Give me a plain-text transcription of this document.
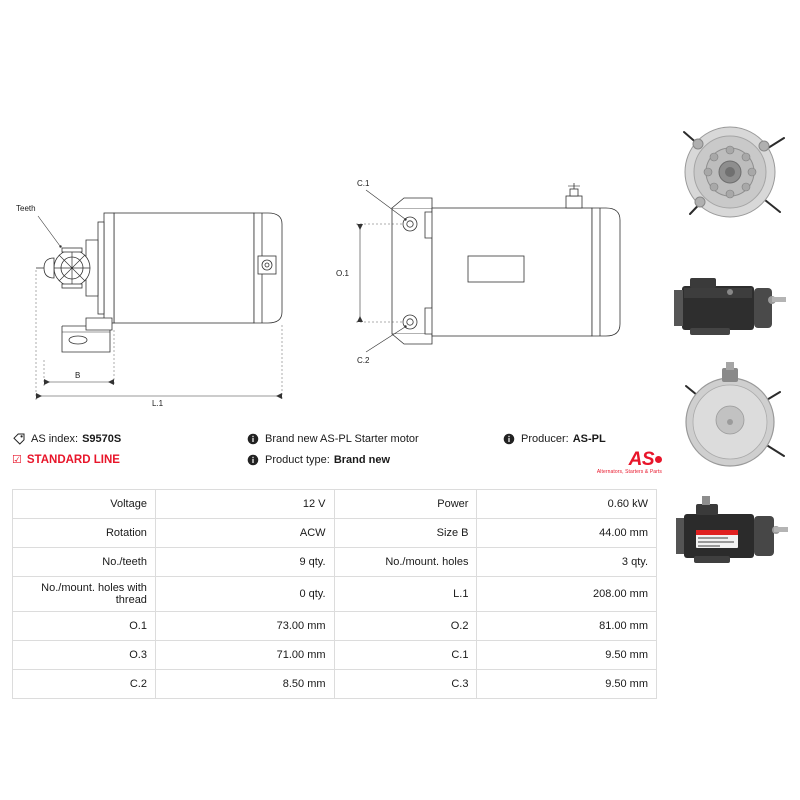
Teeth
B
L.1
C.1
C.2
O.1
AS index: S9570S
☑ STANDARD LINE
Brand new AS-PL Starter motor
Product type: Brand new
Producer: AS-PL
AS
Alternators, Starters & Parts
Voltage	12 V	Power	0.60 kW
Rotation	ACW	Size B	44.00 mm
No./teeth	9 qty.	No./mount. holes	3 qty.
No./mount. holes with thread	0 qty.	L.1	208.00 mm
O.1	73.00 mm	O.2	81.00 mm
O.3	71.00 mm	C.1	9.50 mm
C.2	8.50 mm	C.3	9.50 mm
